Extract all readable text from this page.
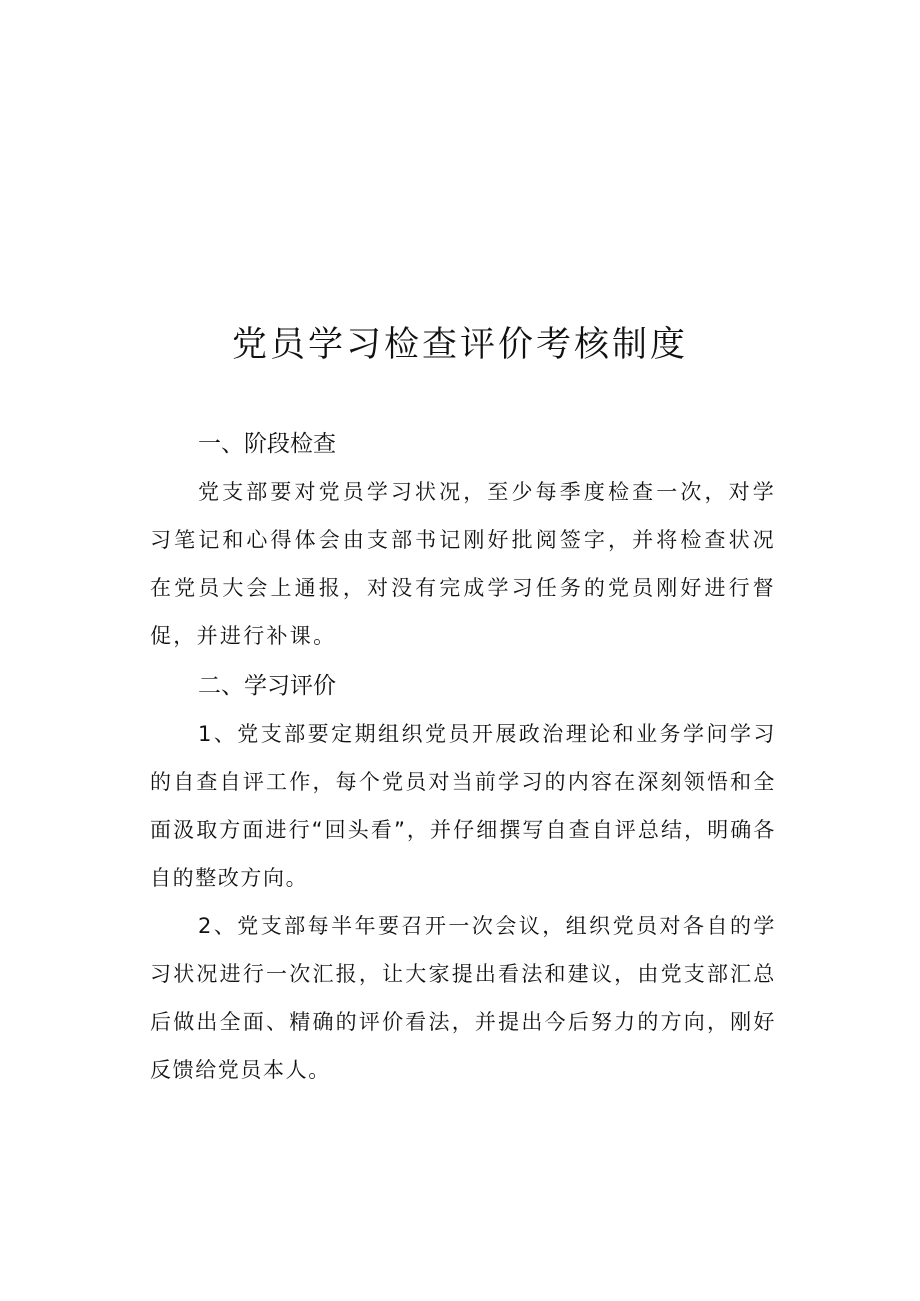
党员学习检查评价考核制度
一、阶段检查

党支部要对党员学习状况，至少每季度检查一次，对学习笔记和心得体会由支部书记刚好批阅签字，并将检查状况在党员大会上通报，对没有完成学习任务的党员刚好进行督促，并进行补课。

二、学习评价

1、党支部要定期组织党员开展政治理论和业务学问学习的自查自评工作，每个党员对当前学习的内容在深刻领悟和全面汲取方面进行“回头看”，并仔细撰写自查自评总结，明确各自的整改方向。

2、党支部每半年要召开一次会议，组织党员对各自的学习状况进行一次汇报，让大家提出看法和建议，由党支部汇总后做出全面、精确的评价看法，并提出今后努力的方向，刚好反馈给党员本人。
